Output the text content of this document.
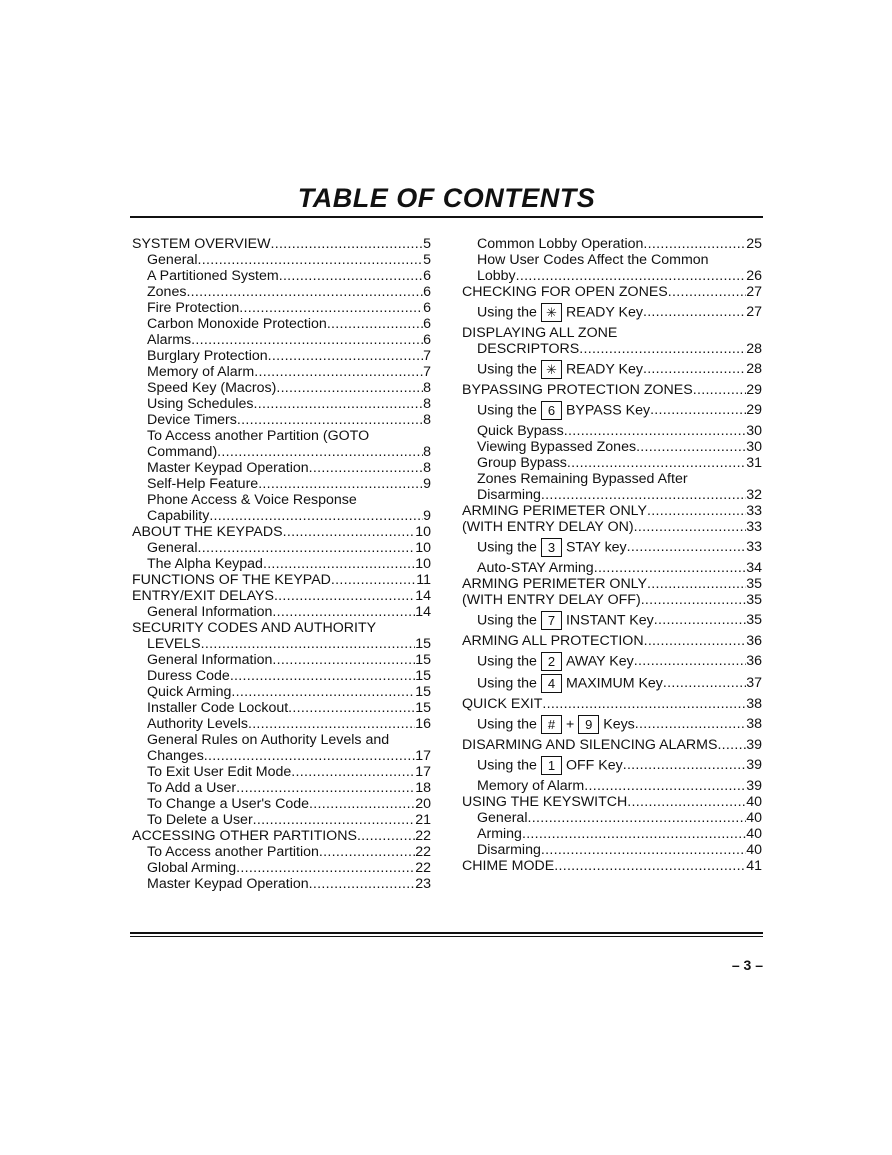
TABLE OF CONTENTS
SYSTEM OVERVIEW .....	5
General .....	5
A Partitioned System .....	6
Zones .....	6
Fire Protection .....	6
Carbon Monoxide Protection .....	6
Alarms .....	6
Burglary Protection .....	7
Memory of Alarm .....	7
Speed Key (Macros) .....	8
Using Schedules .....	8
Device Timers .....	8
To Access another Partition (GOTO
Command) .....	8
Master Keypad Operation .....	8
Self-Help Feature .....	9
Phone Access & Voice Response
Capability .....	9
ABOUT THE KEYPADS .....	10
General .....	10
The Alpha Keypad .....	10
FUNCTIONS OF THE KEYPAD .....	11
ENTRY/EXIT DELAYS .....	14
General Information .....	14
SECURITY CODES AND AUTHORITY
LEVELS .....	15
General Information .....	15
Duress Code .....	15
Quick Arming .....	15
Installer Code Lockout .....	15
Authority Levels .....	16
General Rules on Authority Levels and
Changes .....	17
To Exit User Edit Mode .....	17
To Add a User .....	18
To Change a User's Code .....	20
To Delete a User .....	21
ACCESSING OTHER PARTITIONS .....	22
To Access another Partition .....	22
Global Arming .....	22
Master Keypad Operation .....	23
Common Lobby Operation .....	25
How User Codes Affect the Common
Lobby .....	26
CHECKING FOR OPEN ZONES .....	27
Using the ✳ READY Key .....	27
DISPLAYING ALL ZONE
DESCRIPTORS .....	28
Using the ✳ READY Key .....	28
BYPASSING PROTECTION ZONES .....	29
Using the 6 BYPASS Key .....	29
Quick Bypass .....	30
Viewing Bypassed Zones .....	30
Group Bypass .....	31
Zones Remaining Bypassed After
Disarming .....	32
ARMING PERIMETER ONLY .....	33
(WITH ENTRY DELAY ON) .....	33
Using the 3 STAY key .....	33
Auto-STAY Arming .....	34
ARMING PERIMETER ONLY .....	35
(WITH ENTRY DELAY OFF) .....	35
Using the 7 INSTANT Key .....	35
ARMING ALL PROTECTION .....	36
Using the 2 AWAY Key .....	36
Using the 4 MAXIMUM Key .....	37
QUICK EXIT .....	38
Using the # + 9 Keys .....	38
DISARMING AND SILENCING ALARMS ..... 39
Using the 1 OFF Key .....	39
Memory of Alarm .....	39
USING THE KEYSWITCH .....	40
General .....	40
Arming .....	40
Disarming .....	40
CHIME MODE .....	41
– 3 –
